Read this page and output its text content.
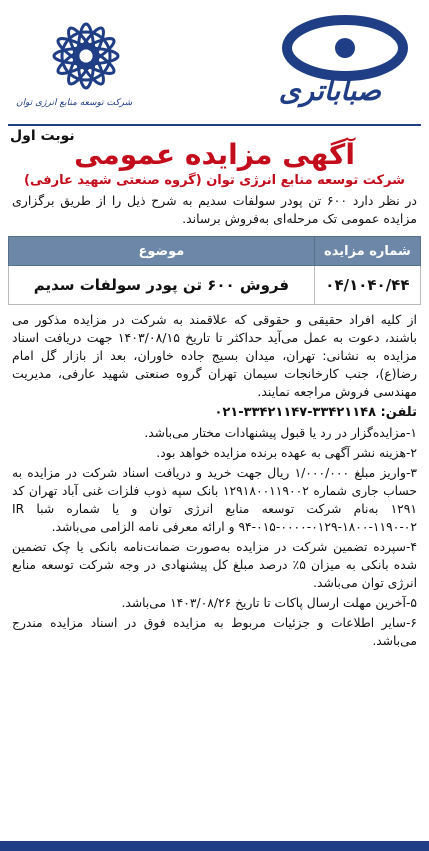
صباباتری
شرکت توسعه منابع انرژی توان
نوبت اول
آگهی مزایده عمومی
شرکت توسعه منابع انرژی توان (گروه صنعتی شهید عارفی)
در نظر دارد ۶۰۰ تن پودر سولفات سدیم به شرح ذیل را از طریق برگزاری مزایده عمومی تک مرحله‌ای به‌فروش برساند.
شماره مزایده	موضوع
۰۴/۱۰۴۰/۴۴	فروش ۶۰۰ تن پودر سولفات سدیم
از کلیه افراد حقیقی و حقوقی که علاقمند به شرکت در مزایده مذکور می باشند، دعوت به عمل می‌آید حداکثر تا تاریخ ۱۴۰۳/۰۸/۱۵ جهت دریافت اسناد مزایده به نشانی: تهران، میدان بسیج جاده خاوران، بعد از بازار گل امام رضا(ع)، جنب کارخانجات سیمان تهران گروه صنعتی شهید عارفی، مدیریت مهندسی فروش مراجعه نمایند.
تلفن: ۳۳۴۲۱۱۴۸-۳۳۴۲۱۱۴۷-۰۲۱
۱-مزایده‌گزار در رد یا قبول پیشنهادات مختار می‌باشد.
۲-هزینه نشر آگهی به عهده برنده مزایده خواهد بود.
۳-واریز مبلغ ۱/۰۰۰/۰۰۰ ریال جهت خرید و دریافت اسناد شرکت در مزایده به حساب جاری شماره ۱۲۹۱۸۰۰۱۱۹۰۰۲ بانک سپه ذوب فلزات غنی آباد تهران کد ۱۲۹۱ به‌نام شرکت توسعه منابع انرژی توان و یا شماره شبا IR ۹۴-۰۱۵-۰۰۰۰-۰۱۲۹-۱۸۰۰-۱۱۹۰-۰۲ و ارائه معرفی نامه الزامی می‌باشد.
۴-سپرده تضمین شرکت در مزایده به‌صورت ضمانت‌نامه بانکی یا چک تضمین شده بانکی به میزان ۵٪ درصد مبلغ کل پیشنهادی در وجه شرکت توسعه منابع انرژی توان می‌باشد.
۵-آخرین مهلت ارسال پاکات تا تاریخ ۱۴۰۳/۰۸/۲۶ می‌باشد.
۶-سایر اطلاعات و جزئیات مربوط به مزایده فوق در اسناد مزایده مندرج می‌باشد.
